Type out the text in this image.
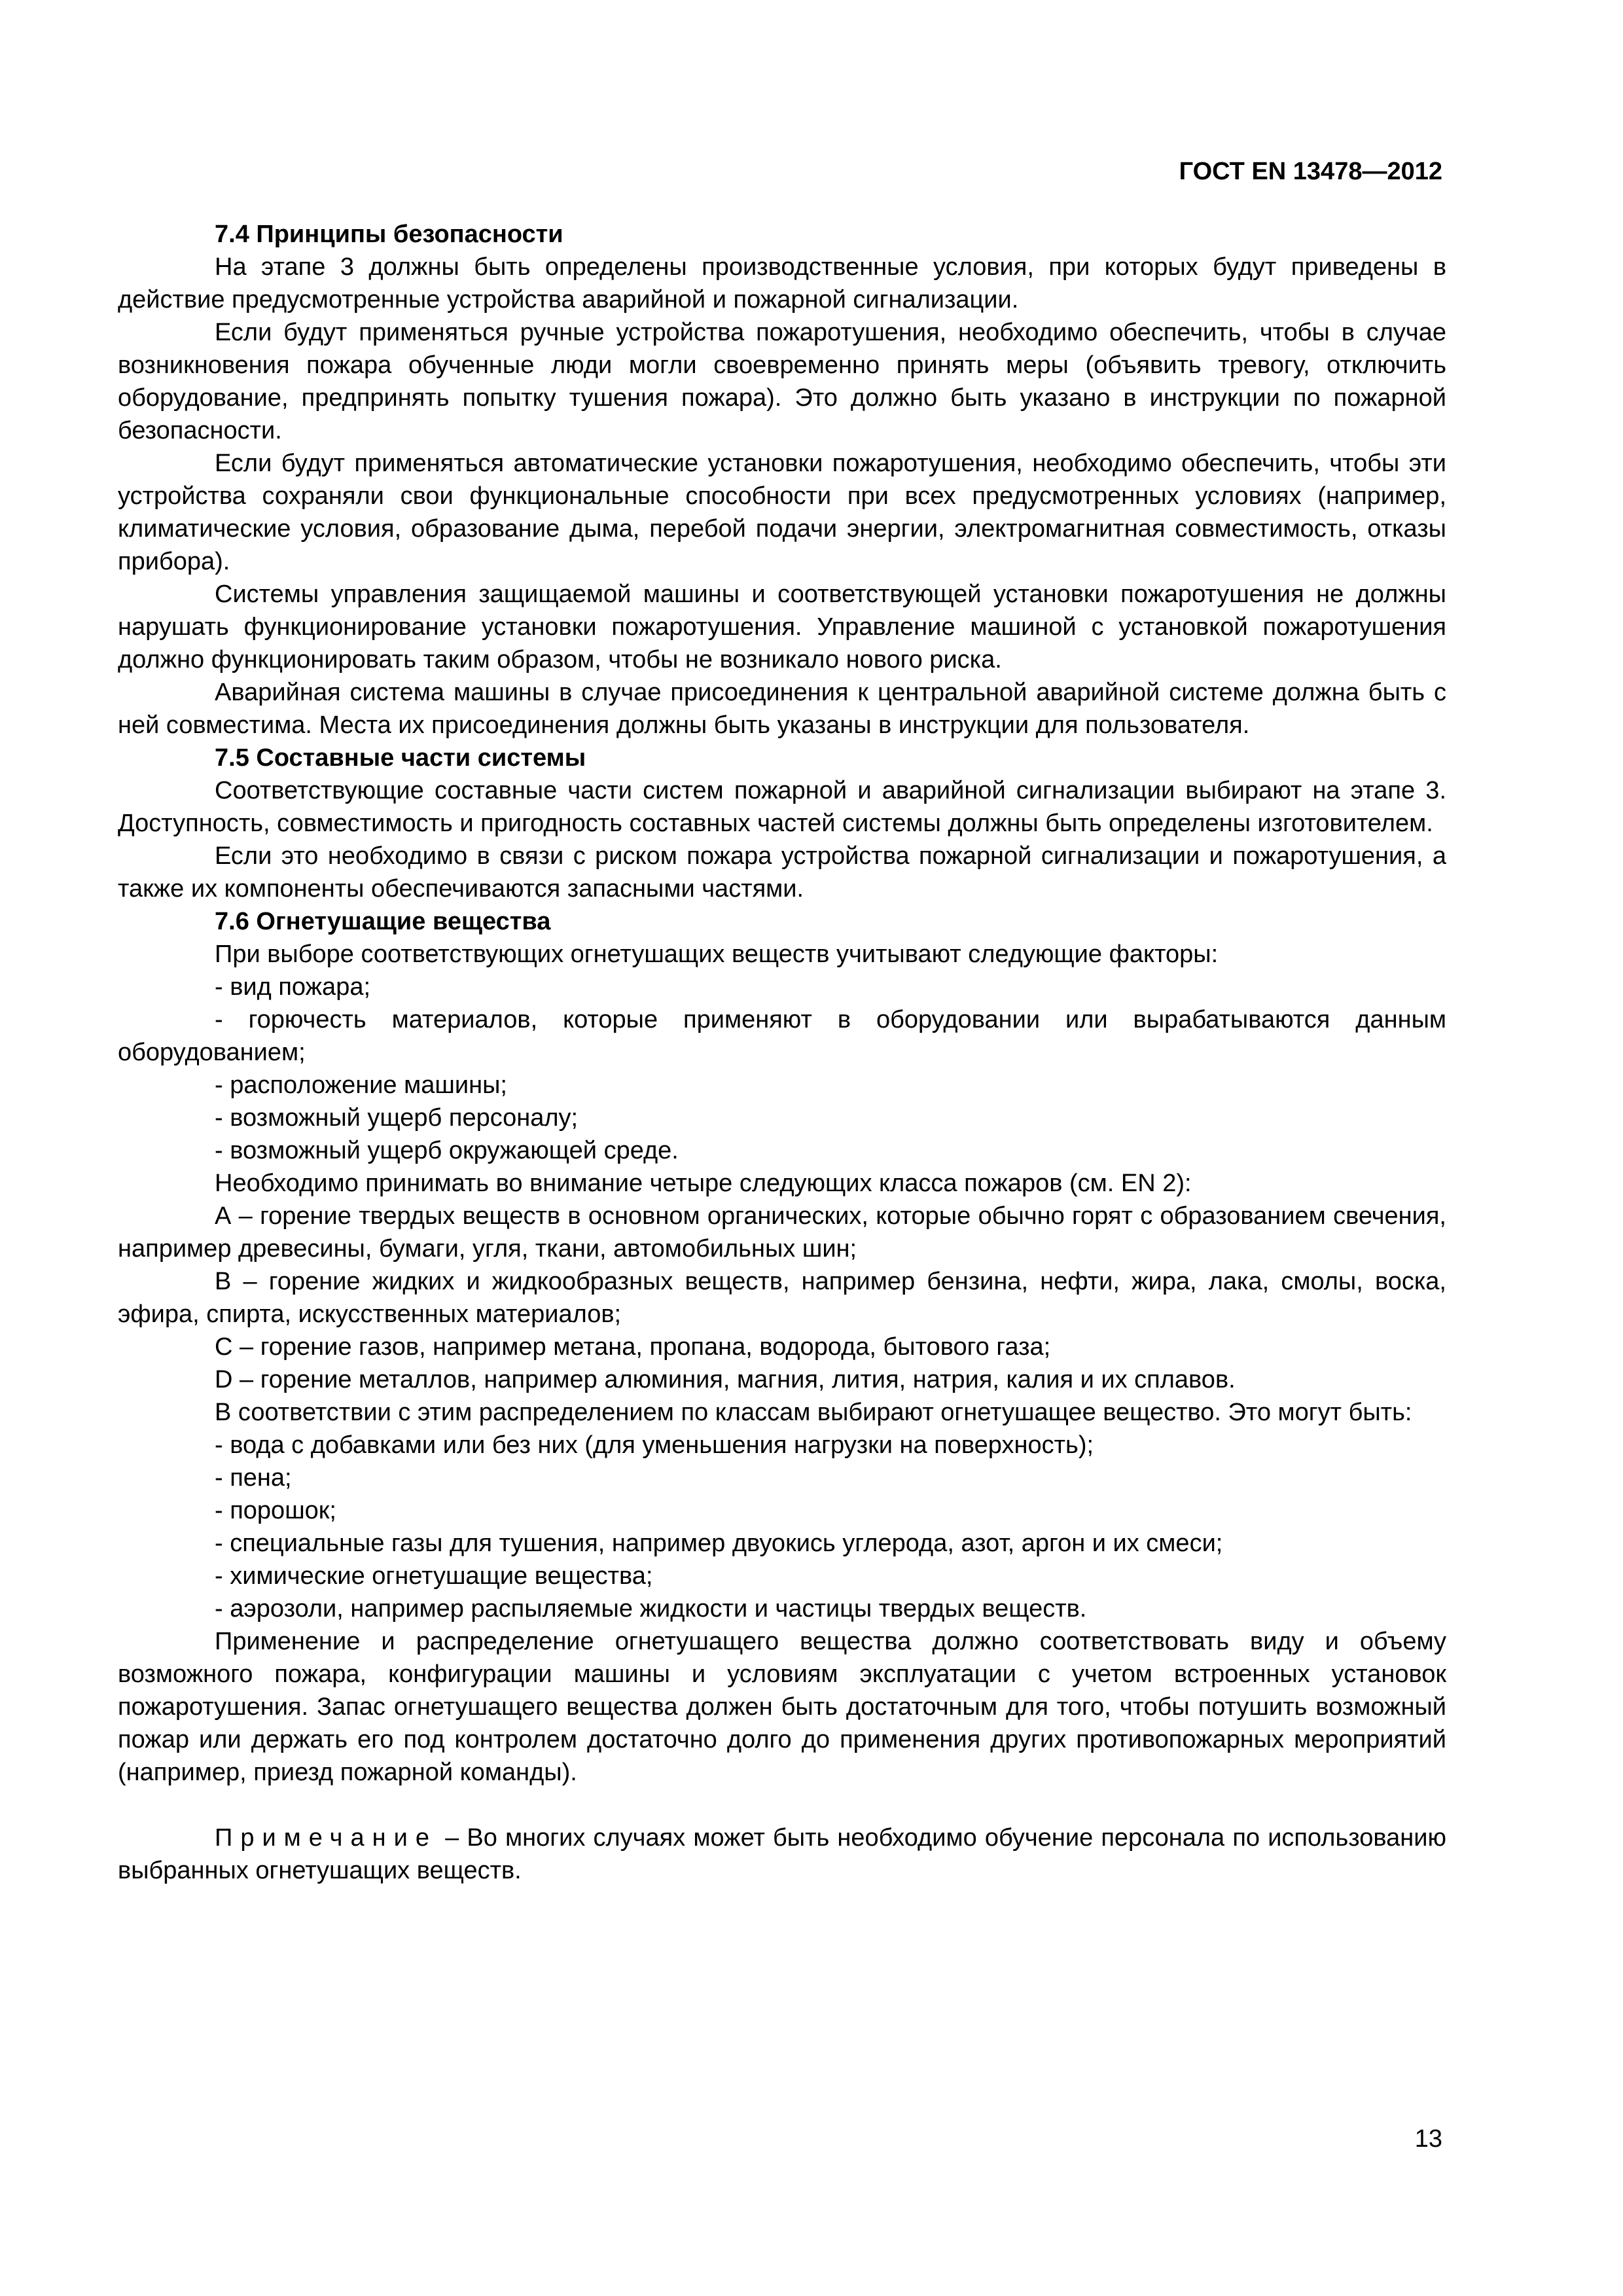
ГОСТ EN 13478—2012
7.4 Принципы безопасности

На этапе 3 должны быть определены производственные условия, при которых будут приведены в действие предусмотренные устройства аварийной и пожарной сигнализации.

Если будут применяться ручные устройства пожаротушения, необходимо обеспечить, чтобы в случае возникновения пожара обученные люди могли своевременно принять меры (объявить тревогу, отключить оборудование, предпринять попытку тушения пожара). Это должно быть указано в инструкции по пожарной безопасности.

Если будут применяться автоматические установки пожаротушения, необходимо обеспечить, чтобы эти устройства сохраняли свои функциональные способности при всех предусмотренных условиях (например, климатические условия, образование дыма, перебой подачи энергии, электромагнитная совместимость, отказы прибора).

Системы управления защищаемой машины и соответствующей установки пожаротушения не должны нарушать функционирование установки пожаротушения. Управление машиной с установкой пожаротушения должно функционировать таким образом, чтобы не возникало нового риска.

Аварийная система машины в случае присоединения к центральной аварийной системе должна быть с ней совместима. Места их присоединения должны быть указаны в инструкции для пользователя.

7.5 Составные части системы

Соответствующие составные части систем пожарной и аварийной сигнализации выбирают на этапе 3. Доступность, совместимость и пригодность составных частей системы должны быть определены изготовителем.

Если это необходимо в связи с риском пожара устройства пожарной сигнализации и пожаротушения, а также их компоненты обеспечиваются запасными частями.

7.6 Огнетушащие вещества

При выборе соответствующих огнетушащих веществ учитывают следующие факторы:

- вид пожара;

- горючесть материалов, которые применяют в оборудовании или вырабатываются данным оборудованием;

- расположение машины;

- возможный ущерб персоналу;

- возможный ущерб окружающей среде.

Необходимо принимать во внимание четыре следующих класса пожаров (см. EN 2):

А – горение твердых веществ в основном органических, которые обычно горят с образованием свечения, например древесины, бумаги, угля, ткани, автомобильных шин;

В – горение жидких и жидкообразных веществ, например бензина, нефти, жира, лака, смолы, воска, эфира, спирта, искусственных материалов;

С – горение газов, например метана, пропана, водорода, бытового газа;

D – горение металлов, например алюминия, магния, лития, натрия, калия и их сплавов.

В соответствии с этим распределением по классам выбирают огнетушащее вещество. Это могут быть:

- вода с добавками или без них (для уменьшения нагрузки на поверхность);

- пена;

- порошок;

- специальные газы для тушения, например двуокись углерода, азот, аргон и их смеси;

- химические огнетушащие вещества;

- аэрозоли, например распыляемые жидкости и частицы твердых веществ.

Применение и распределение огнетушащего вещества должно соответствовать виду и объему возможного пожара, конфигурации машины и условиям эксплуатации с учетом встроенных установок пожаротушения. Запас огнетушащего вещества должен быть достаточным для того, чтобы потушить возможный пожар или держать его под контролем достаточно долго до применения других противопожарных мероприятий (например, приезд пожарной команды).

Примечание – Во многих случаях может быть необходимо обучение персонала по использованию выбранных огнетушащих веществ.

13
